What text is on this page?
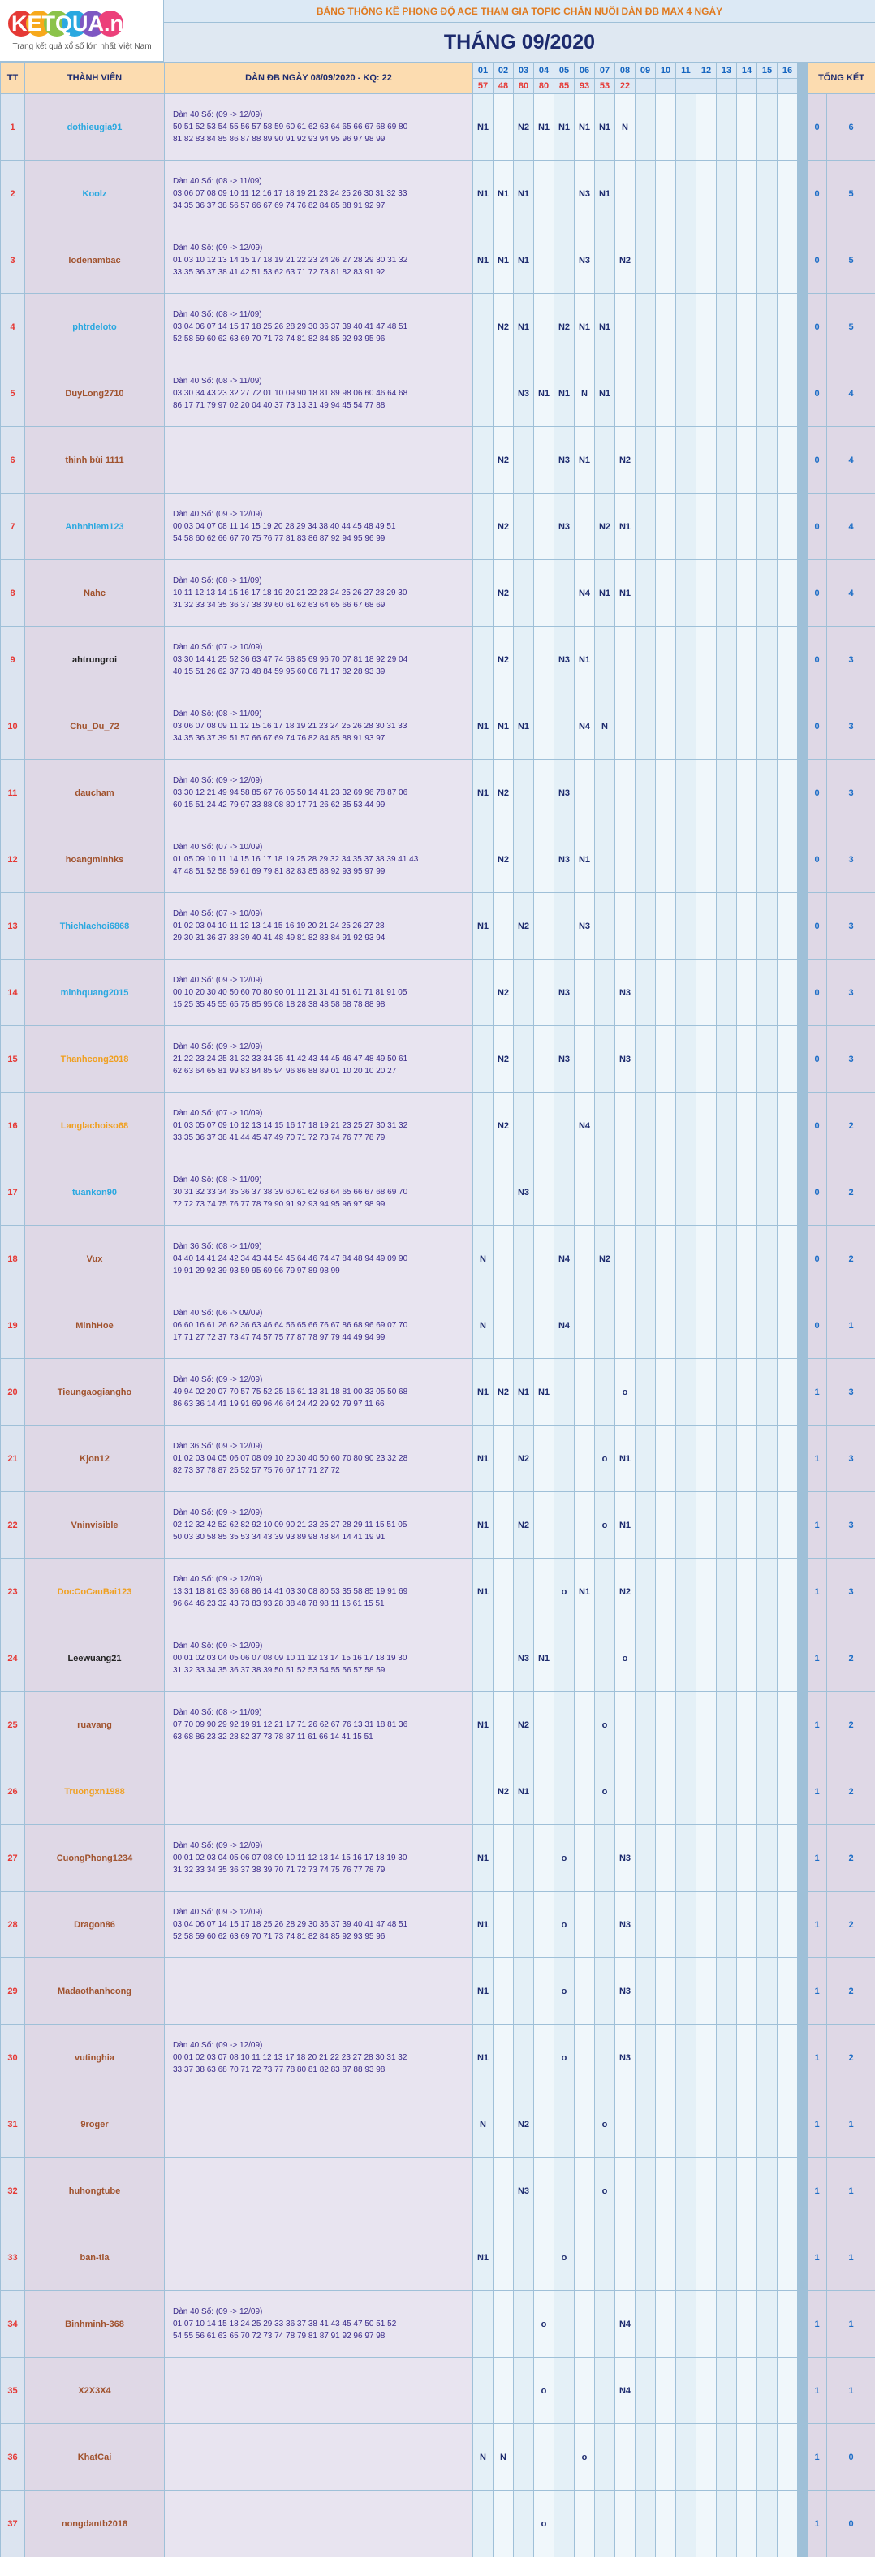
KETQUA.net
Trang kết quả xổ số lớn nhất Việt Nam
BẢNG THỐNG KÊ PHONG ĐỘ ACE THAM GIA TOPIC CHĂN NUÔI DÀN ĐB MAX 4 NGÀY
THÁNG 09/2020
TT	THÀNH VIÊN	DÀN ĐB NGÀY 08/09/2020 - KQ: 22	01	02	03	04	05	06	07	08	09	10	11	12	13	14	15	16		TỔNG KẾT	
			57	48	80	80	85	93	53	22											
1	dothieugia91	Dàn 40 Số: (09 -> 12/09)
50 51 52 53 54 55 56 57 58 59 60 61 62 63 64 65 66 67 68 69 80
81 82 83 84 85 86 87 88 89 90 91 92 93 94 95 96 97 98 99	N1		N2	N1	N1	N1	N1	N										0	6
2	Koolz	Dàn 40 Số: (08 -> 11/09)
03 06 07 08 09 10 11 12 16 17 18 19 21 23 24 25 26 30 31 32 33
34 35 36 37 38 56 57 66 67 69 74 76 82 84 85 88 91 92 97	N1	N1	N1			N3	N1											0	5
3	lodenambac	Dàn 40 Số: (09 -> 12/09)
01 03 10 12 13 14 15 17 18 19 21 22 23 24 26 27 28 29 30 31 32
33 35 36 37 38 41 42 51 53 62 63 71 72 73 81 82 83 91 92	N1	N1	N1			N3		N2										0	5
4	phtrdeloto	Dàn 40 Số: (08 -> 11/09)
03 04 06 07 14 15 17 18 25 26 28 29 30 36 37 39 40 41 47 48 51
52 58 59 60 62 63 69 70 71 73 74 81 82 84 85 92 93 95 96		N2	N1		N2	N1	N1											0	5
5	DuyLong2710	Dàn 40 Số: (08 -> 11/09)
03 30 34 43 23 32 27 72 01 10 09 90 18 81 89 98 06 60 46 64 68
86 17 71 79 97 02 20 04 40 37 73 13 31 49 94 45 54 77 88			N3	N1	N1	N	N1											0	4
6	thịnh bùi 1111			N2			N3	N1		N2										0	4
7	Anhnhiem123	Dàn 40 Số: (09 -> 12/09)
00 03 04 07 08 11 14 15 19 20 28 29 34 38 40 44 45 48 49 51
54 58 60 62 66 67 70 75 76 77 81 83 86 87 92 94 95 96 99		N2			N3		N2	N1										0	4
8	Nahc	Dàn 40 Số: (08 -> 11/09)
10 11 12 13 14 15 16 17 18 19 20 21 22 23 24 25 26 27 28 29 30
31 32 33 34 35 36 37 38 39 60 61 62 63 64 65 66 67 68 69		N2				N4	N1	N1										0	4
9	ahtrungroi	Dàn 40 Số: (07 -> 10/09)
03 30 14 41 25 52 36 63 47 74 58 85 69 96 70 07 81 18 92 29 04
40 15 51 26 62 37 73 48 84 59 95 60 06 71 17 82 28 93 39		N2			N3	N1												0	3
10	Chu_Du_72	Dàn 40 Số: (08 -> 11/09)
03 06 07 08 09 11 12 15 16 17 18 19 21 23 24 25 26 28 30 31 33
34 35 36 37 39 51 57 66 67 69 74 76 82 84 85 88 91 93 97	N1	N1	N1			N4	N											0	3
11	daucham	Dàn 40 Số: (09 -> 12/09)
03 30 12 21 49 94 58 85 67 76 05 50 14 41 23 32 69 96 78 87 06
60 15 51 24 42 79 97 33 88 08 80 17 71 26 62 35 53 44 99	N1	N2			N3													0	3
12	hoangminhks	Dàn 40 Số: (07 -> 10/09)
01 05 09 10 11 14 15 16 17 18 19 25 28 29 32 34 35 37 38 39 41 43
47 48 51 52 58 59 61 69 79 81 82 83 85 88 92 93 95 97 99		N2			N3	N1												0	3
13	Thichlachoi6868	Dàn 40 Số: (07 -> 10/09)
01 02 03 04 10 11 12 13 14 15 16 19 20 21 24 25 26 27 28
29 30 31 36 37 38 39 40 41 48 49 81 82 83 84 91 92 93 94	N1		N2			N3												0	3
14	minhquang2015	Dàn 40 Số: (09 -> 12/09)
00 10 20 30 40 50 60 70 80 90 01 11 21 31 41 51 61 71 81 91 05
15 25 35 45 55 65 75 85 95 08 18 28 38 48 58 68 78 88 98		N2			N3			N3										0	3
15	Thanhcong2018	Dàn 40 Số: (09 -> 12/09)
21 22 23 24 25 31 32 33 34 35 41 42 43 44 45 46 47 48 49 50 61
62 63 64 65 81 99 83 84 85 94 96 86 88 89 01 10 20 10 20 27		N2			N3			N3										0	3
16	Langlachoiso68	Dàn 40 Số: (07 -> 10/09)
01 03 05 07 09 10 12 13 14 15 16 17 18 19 21 23 25 27 30 31 32
33 35 36 37 38 41 44 45 47 49 70 71 72 73 74 76 77 78 79		N2				N4												0	2
17	tuankon90	Dàn 40 Số: (08 -> 11/09)
30 31 32 33 34 35 36 37 38 39 60 61 62 63 64 65 66 67 68 69 70
72 72 73 74 75 76 77 78 79 90 91 92 93 94 95 96 97 98 99			N3															0	2
18	Vux	Dàn 36 Số: (08 -> 11/09)
04 40 14 41 24 42 34 43 44 54 45 64 46 74 47 84 48 94 49 09 90
19 91 29 92 39 93 59 95 69 96 79 97 89 98 99	N				N4		N2											0	2
19	MinhHoe	Dàn 40 Số: (06 -> 09/09)
06 60 16 61 26 62 36 63 46 64 56 65 66 76 67 86 68 96 69 07 70
17 71 27 72 37 73 47 74 57 75 77 87 78 97 79 44 49 94 99	N				N4													0	1
20	Tieungaogiangho	Dàn 40 Số: (09 -> 12/09)
49 94 02 20 07 70 57 75 52 25 16 61 13 31 18 81 00 33 05 50 68
86 63 36 14 41 19 91 69 96 46 64 24 42 29 92 79 97 11 66	N1	N2	N1	N1				o										1	3
21	Kjon12	Dàn 36 Số: (09 -> 12/09)
01 02 03 04 05 06 07 08 09 10 20 30 40 50 60 70 80 90 23 32 28
82 73 37 78 87 25 52 57 75 76 67 17 71 27 72	N1		N2				o	N1										1	3
22	Vninvisible	Dàn 40 Số: (09 -> 12/09)
02 12 32 42 52 62 82 92 10 09 90 21 23 25 27 28 29 11 15 51 05
50 03 30 58 85 35 53 34 43 39 93 89 98 48 84 14 41 19 91	N1		N2				o	N1										1	3
23	DocCoCauBai123	Dàn 40 Số: (09 -> 12/09)
13 31 18 81 63 36 68 86 14 41 03 30 08 80 53 35 58 85 19 91 69
96 64 46 23 32 43 73 83 93 28 38 48 78 98 11 16 61 15 51	N1				o	N1		N2										1	3
24	Leewuang21	Dàn 40 Số: (09 -> 12/09)
00 01 02 03 04 05 06 07 08 09 10 11 12 13 14 15 16 17 18 19 30
31 32 33 34 35 36 37 38 39 50 51 52 53 54 55 56 57 58 59			N3	N1				o										1	2
25	ruavang	Dàn 40 Số: (08 -> 11/09)
07 70 09 90 29 92 19 91 12 21 17 71 26 62 67 76 13 31 18 81 36
63 68 86 23 32 28 82 37 73 78 87 11 61 66 14 41 15 51	N1		N2				o											1	2
26	Truongxn1988			N2	N1				o											1	2
27	CuongPhong1234	Dàn 40 Số: (09 -> 12/09)
00 01 02 03 04 05 06 07 08 09 10 11 12 13 14 15 16 17 18 19 30
31 32 33 34 35 36 37 38 39 70 71 72 73 74 75 76 77 78 79	N1				o			N3										1	2
28	Dragon86	Dàn 40 Số: (09 -> 12/09)
03 04 06 07 14 15 17 18 25 26 28 29 30 36 37 39 40 41 47 48 51
52 58 59 60 62 63 69 70 71 73 74 81 82 84 85 92 93 95 96	N1				o			N3										1	2
29	Madaothanhcong		N1				o			N3										1	2
30	vutinghia	Dàn 40 Số: (09 -> 12/09)
00 01 02 03 07 08 10 11 12 13 17 18 20 21 22 23 27 28 30 31 32
33 37 38 63 68 70 71 72 73 77 78 80 81 82 83 87 88 93 98	N1				o			N3										1	2
31	9roger		N		N2				o											1	1
32	huhongtube				N3				o											1	1
33	ban-tia		N1				o													1	1
34	Binhminh-368	Dàn 40 Số: (09 -> 12/09)
01 07 10 14 15 18 24 25 29 33 36 37 38 41 43 45 47 50 51 52
54 55 56 61 63 65 70 72 73 74 78 79 81 87 91 92 96 97 98				o				N4										1	1
35	X2X3X4					o				N4										1	1
36	KhatCai		N	N				o												1	0
37	nongdantb2018					o														1	0
